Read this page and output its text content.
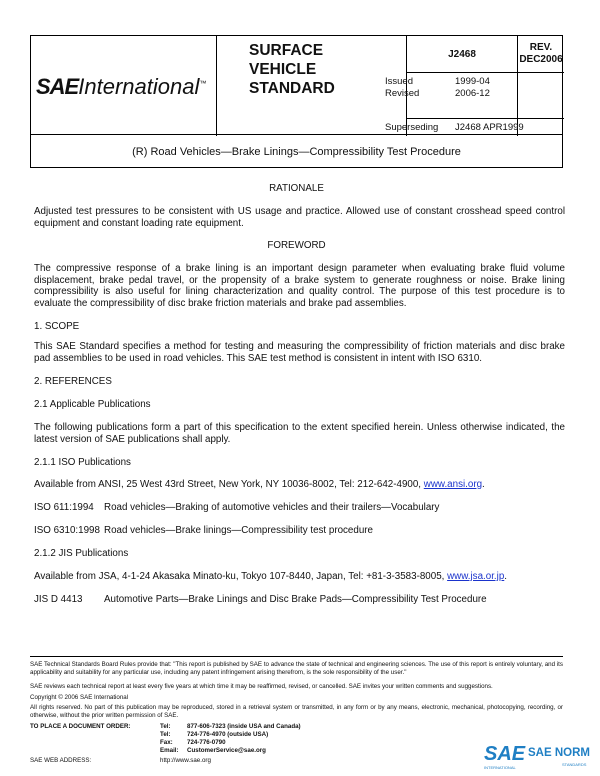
SAEInternational™
SURFACE
VEHICLE
STANDARD
J2468
REV.
DEC2006
Issued	1999-04
Revised	2006-12
Superseding J2468 APR1999
(R) Road Vehicles—Brake Linings—Compressibility Test Procedure
RATIONALE
Adjusted test pressures to be consistent with US usage and practice. Allowed use of constant crosshead speed control equipment and constant loading rate equipment.
FOREWORD
The compressive response of a brake lining is an important design parameter when evaluating brake fluid volume displacement, brake pedal travel, or the propensity of a brake system to generate roughness or noise. Brake lining compressibility is also useful for lining characterization and quality control. The purpose of this test procedure is to evaluate the compressibility of disc brake friction materials and brake pad assemblies.
1. SCOPE
This SAE Standard specifies a method for testing and measuring the compressibility of friction materials and disc brake pad assemblies to be used in road vehicles. This SAE test method is consistent in intent with ISO 6310.
2. REFERENCES
2.1 Applicable Publications
The following publications form a part of this specification to the extent specified herein. Unless otherwise indicated, the latest version of SAE publications shall apply.
2.1.1 ISO Publications
Available from ANSI, 25 West 43rd Street, New York, NY 10036-8002, Tel: 212-642-4900, www.ansi.org.
ISO 611:1994 Road vehicles—Braking of automotive vehicles and their trailers—Vocabulary
ISO 6310:1998 Road vehicles—Brake linings—Compressibility test procedure
2.1.2 JIS Publications
Available from JSA, 4-1-24 Akasaka Minato-ku, Tokyo 107-8440, Japan, Tel: +81-3-3583-8005, www.jsa.or.jp.
JIS D 4413 Automotive Parts—Brake Linings and Disc Brake Pads—Compressibility Test Procedure
SAE Technical Standards Board Rules provide that: "This report is published by SAE to advance the state of technical and engineering sciences. The use of this report is entirely voluntary, and its applicability and suitability for any particular use, including any patent infringement arising therefrom, is the sole responsibility of the user."
SAE reviews each technical report at least every five years at which time it may be reaffirmed, revised, or cancelled. SAE invites your written comments and suggestions.
Copyright © 2006 SAE International
All rights reserved. No part of this publication may be reproduced, stored in a retrieval system or transmitted, in any form or by any means, electronic, mechanical, photocopying, recording, or otherwise, without the prior written permission of SAE.
TO PLACE A DOCUMENT ORDER:	Tel:	877-606-7323 (inside USA and Canada)
Tel:	724-776-4970 (outside USA)
Fax: 724-776-0790
Email: CustomerService@sae.org
SAE WEB ADDRESS:	http://www.sae.org	SAE SAE NORM
INTERNATIONAL
STANDARDS
